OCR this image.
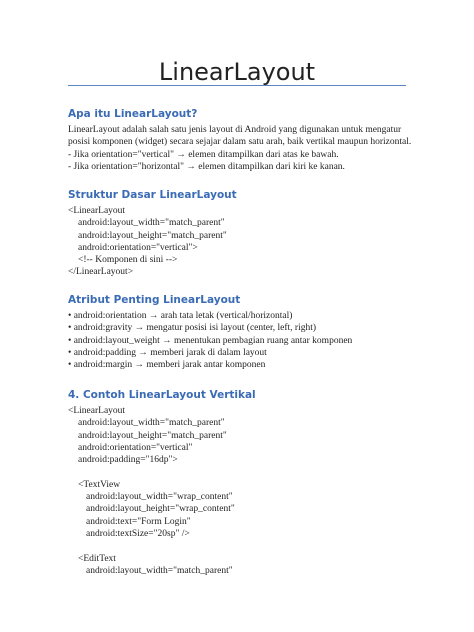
LinearLayout
Apa itu LinearLayout?
LinearLayout adalah salah satu jenis layout di Android yang digunakan untuk mengatur
posisi komponen (widget) secara sejajar dalam satu arah, baik vertikal maupun horizontal.
- Jika orientation="vertical" → elemen ditampilkan dari atas ke bawah.
- Jika orientation="horizontal" → elemen ditampilkan dari kiri ke kanan.
Struktur Dasar LinearLayout
<LinearLayout
android:layout_width="match_parent"
android:layout_height="match_parent"
android:orientation="vertical">
<!-- Komponen di sini -->
</LinearLayout>
Atribut Penting LinearLayout
• android:orientation → arah tata letak (vertical/horizontal)
• android:gravity → mengatur posisi isi layout (center, left, right)
• android:layout_weight → menentukan pembagian ruang antar komponen
• android:padding → memberi jarak di dalam layout
• android:margin → memberi jarak antar komponen
4. Contoh LinearLayout Vertikal
<LinearLayout
android:layout_width="match_parent"
android:layout_height="match_parent"
android:orientation="vertical"
android:padding="16dp">
<TextView
android:layout_width="wrap_content"
android:layout_height="wrap_content"
android:text="Form Login"
android:textSize="20sp" />
<EditText
android:layout_width="match_parent"
